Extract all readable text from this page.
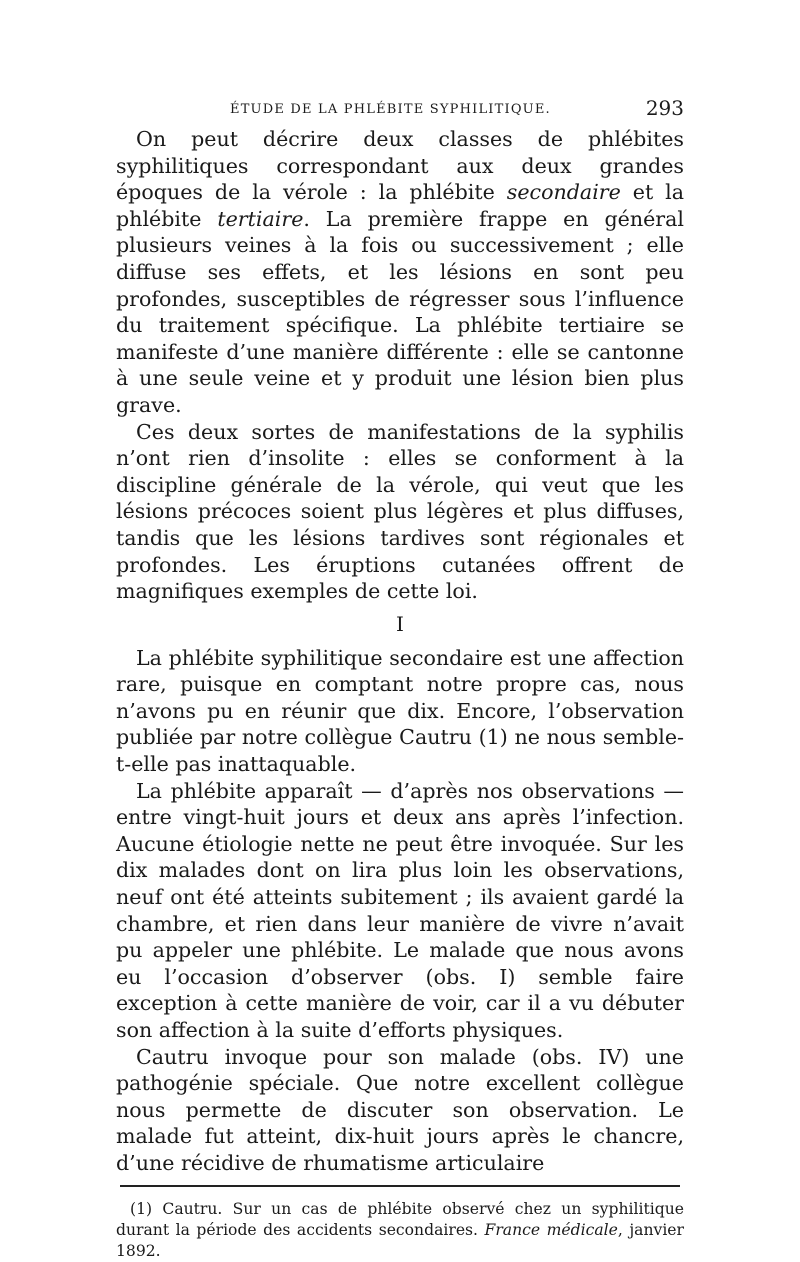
ÉTUDE DE LA PHLÉBITE SYPHILITIQUE.	293

On peut décrire deux classes de phlébites syphilitiques correspondant aux deux grandes époques de la vérole : la phlébite secondaire et la phlébite tertiaire. La première frappe en général plusieurs veines à la fois ou successivement ; elle diffuse ses effets, et les lésions en sont peu profondes, susceptibles de régresser sous l’influence du traitement spécifique. La phlébite tertiaire se manifeste d’une manière différente : elle se cantonne à une seule veine et y produit une lésion bien plus grave.

Ces deux sortes de manifestations de la syphilis n’ont rien d’insolite : elles se conforment à la discipline générale de la vérole, qui veut que les lésions précoces soient plus légères et plus diffuses, tandis que les lésions tardives sont régionales et profondes. Les éruptions cutanées offrent de magnifiques exemples de cette loi.

I

La phlébite syphilitique secondaire est une affection rare, puisque en comptant notre propre cas, nous n’avons pu en réunir que dix. Encore, l’observation publiée par notre collègue Cautru (1) ne nous semble-t-elle pas inattaquable.

La phlébite apparaît — d’après nos observations — entre vingt-huit jours et deux ans après l’infection. Aucune étiologie nette ne peut être invoquée. Sur les dix malades dont on lira plus loin les observations, neuf ont été atteints subitement ; ils avaient gardé la chambre, et rien dans leur manière de vivre n’avait pu appeler une phlébite. Le malade que nous avons eu l’occasion d’observer (obs. I) semble faire exception à cette manière de voir, car il a vu débuter son affection à la suite d’efforts physiques.

Cautru invoque pour son malade (obs. IV) une pathogénie spéciale. Que notre excellent collègue nous permette de discuter son observation. Le malade fut atteint, dix-huit jours après le chancre, d’une récidive de rhumatisme articulaire

(1) Cautru. Sur un cas de phlébite observé chez un syphilitique durant la période des accidents secondaires. France médicale, janvier 1892.
